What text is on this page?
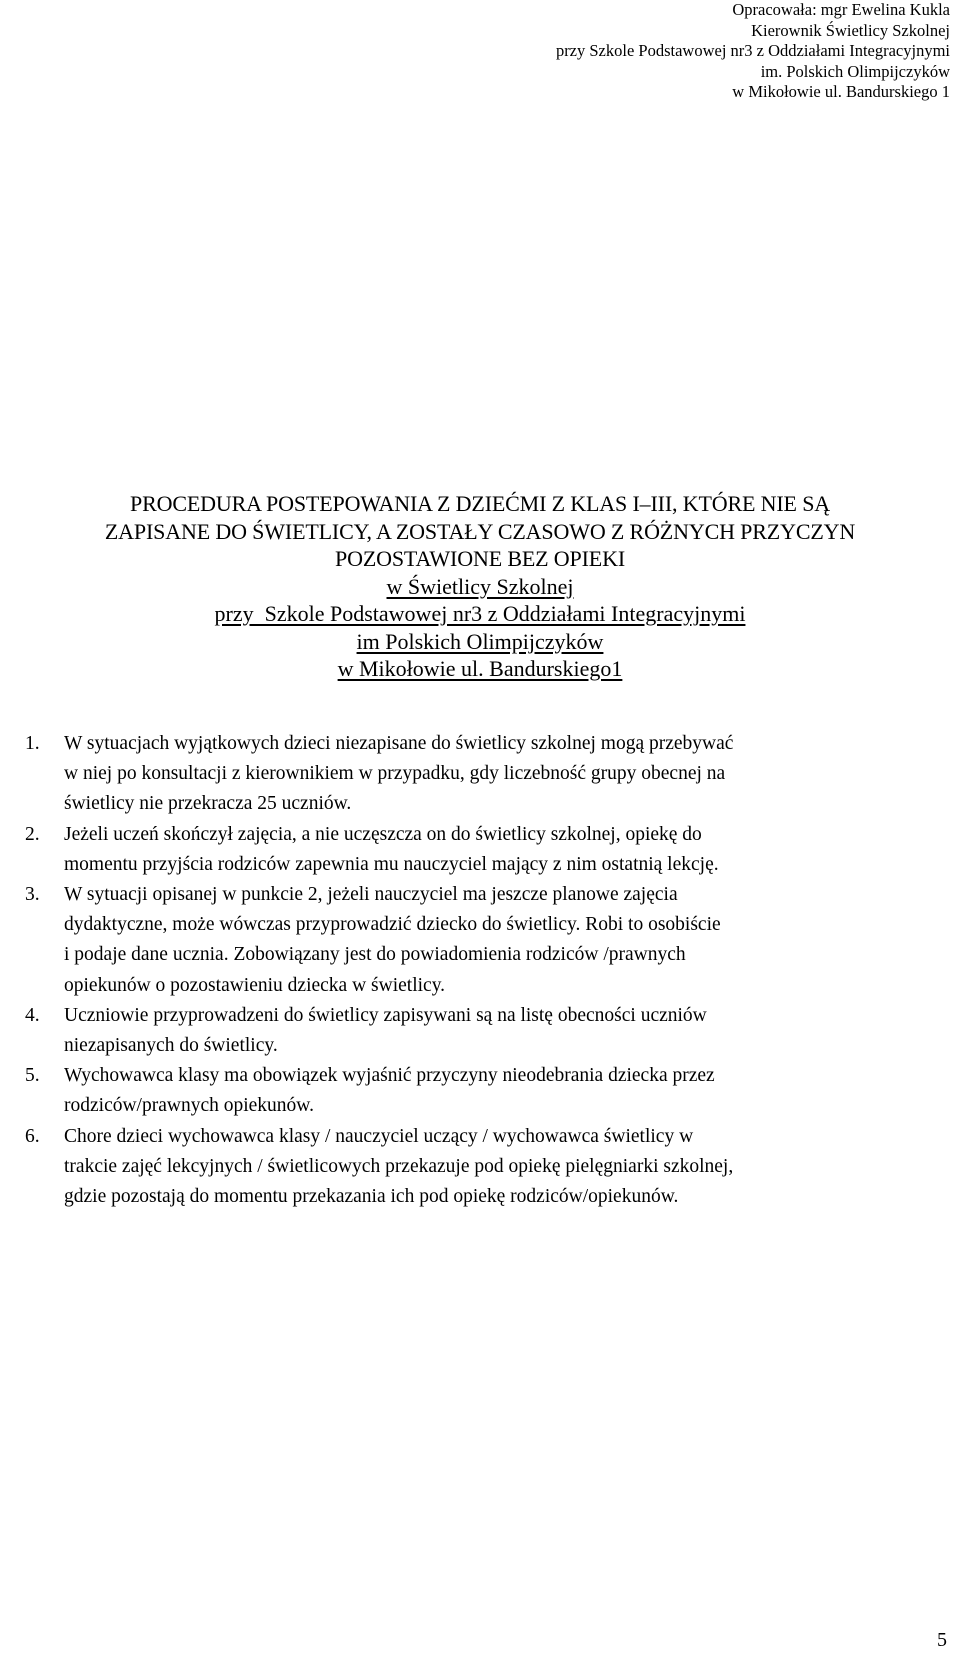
Opracowała: mgr Ewelina Kukla
Kierownik Świetlicy Szkolnej
przy Szkole Podstawowej nr3 z Oddziałami Integracyjnymi
im. Polskich Olimpijczyków
w Mikołowie ul. Bandurskiego 1
PROCEDURA POSTEPOWANIA Z DZIEĆMI Z KLAS I–III, KTÓRE NIE SĄ
ZAPISANE DO ŚWIETLICY, A ZOSTAŁY CZASOWO Z RÓŻNYCH PRZYCZYN
POZOSTAWIONE BEZ OPIEKI
w Świetlicy Szkolnej
przy  Szkole Podstawowej nr3 z Oddziałami Integracyjnymi
im Polskich Olimpijczyków
w Mikołowie ul. Bandurskiego1
1.	W sytuacjach wyjątkowych dzieci niezapisane do świetlicy szkolnej mogą przebywać
w niej po konsultacji z kierownikiem w przypadku, gdy liczebność grupy obecnej na
świetlicy nie przekracza 25 uczniów.
2.	Jeżeli uczeń skończył zajęcia, a nie uczęszcza on do świetlicy szkolnej, opiekę do
momentu przyjścia rodziców zapewnia mu nauczyciel mający z nim ostatnią lekcję.
3.	W sytuacji opisanej w punkcie 2, jeżeli nauczyciel ma jeszcze planowe zajęcia
dydaktyczne, może wówczas przyprowadzić dziecko do świetlicy. Robi to osobiście
i podaje dane ucznia. Zobowiązany jest do powiadomienia rodziców /prawnych
opiekunów o pozostawieniu dziecka w świetlicy.
4.	Uczniowie przyprowadzeni do świetlicy zapisywani są na listę obecności uczniów
niezapisanych do świetlicy.
5.	Wychowawca klasy ma obowiązek wyjaśnić przyczyny nieodebrania dziecka przez
rodziców/prawnych opiekunów.
6.	Chore dzieci wychowawca klasy / nauczyciel uczący / wychowawca świetlicy w
trakcie zajęć lekcyjnych / świetlicowych przekazuje pod opiekę pielęgniarki szkolnej,
gdzie pozostają do momentu przekazania ich pod opiekę rodziców/opiekunów.
5
